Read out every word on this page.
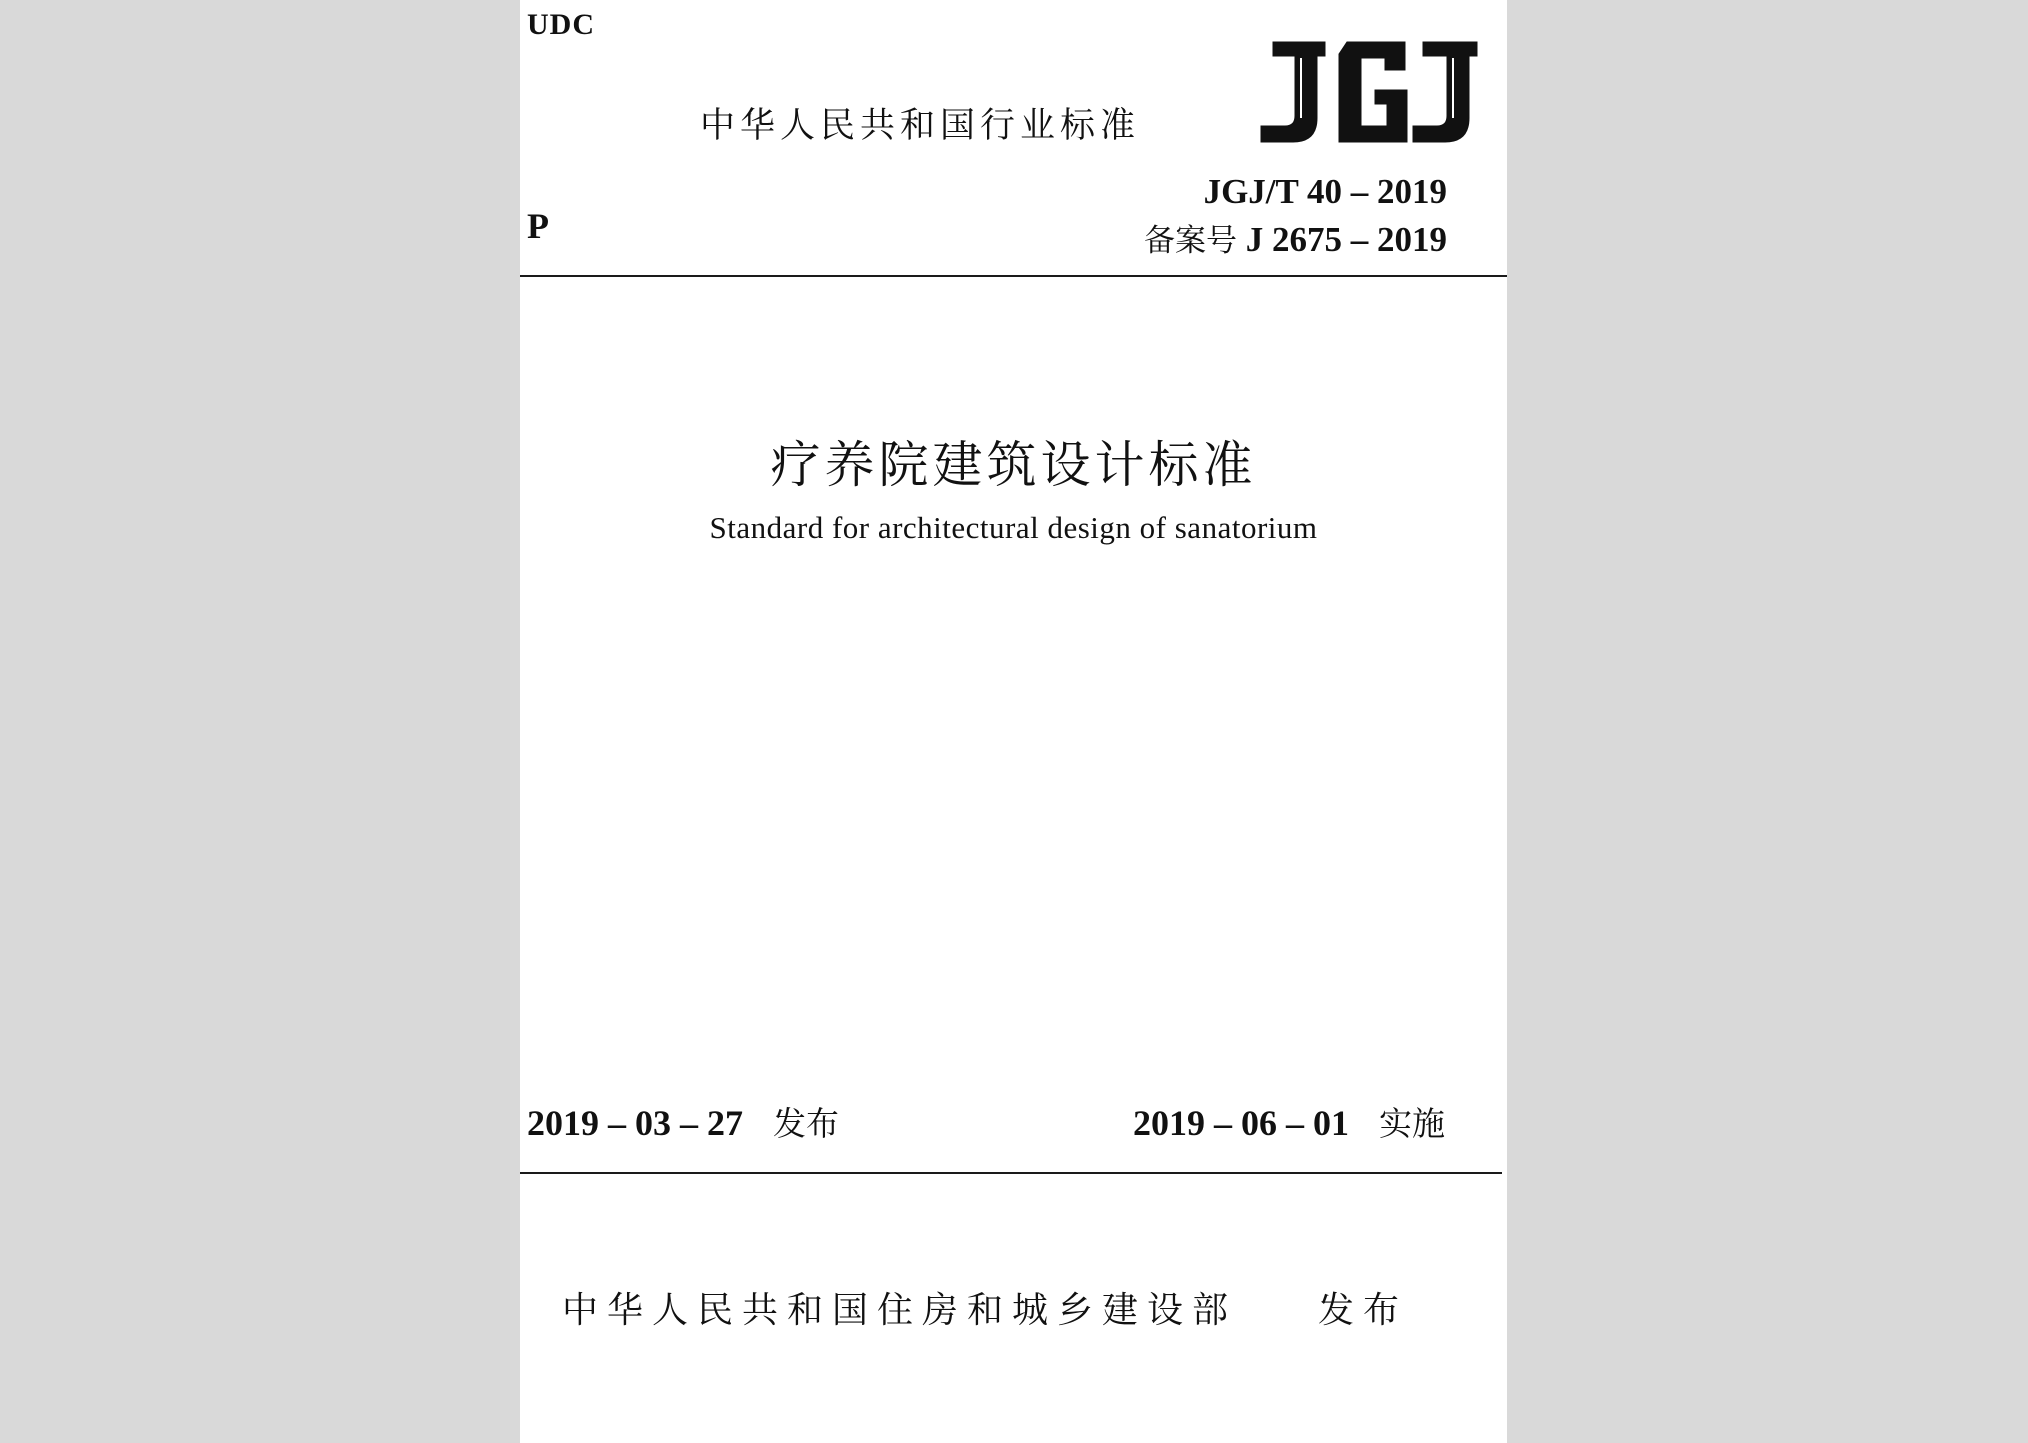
UDC
中华人民共和国行业标准
JGJ/T 40 – 2019
备案号 J 2675 – 2019
P
疗养院建筑设计标准
Standard for architectural design of sanatorium
2019 – 03 – 27 发布	2019 – 06 – 01 实施
中华人民共和国住房和城乡建设部 发布
